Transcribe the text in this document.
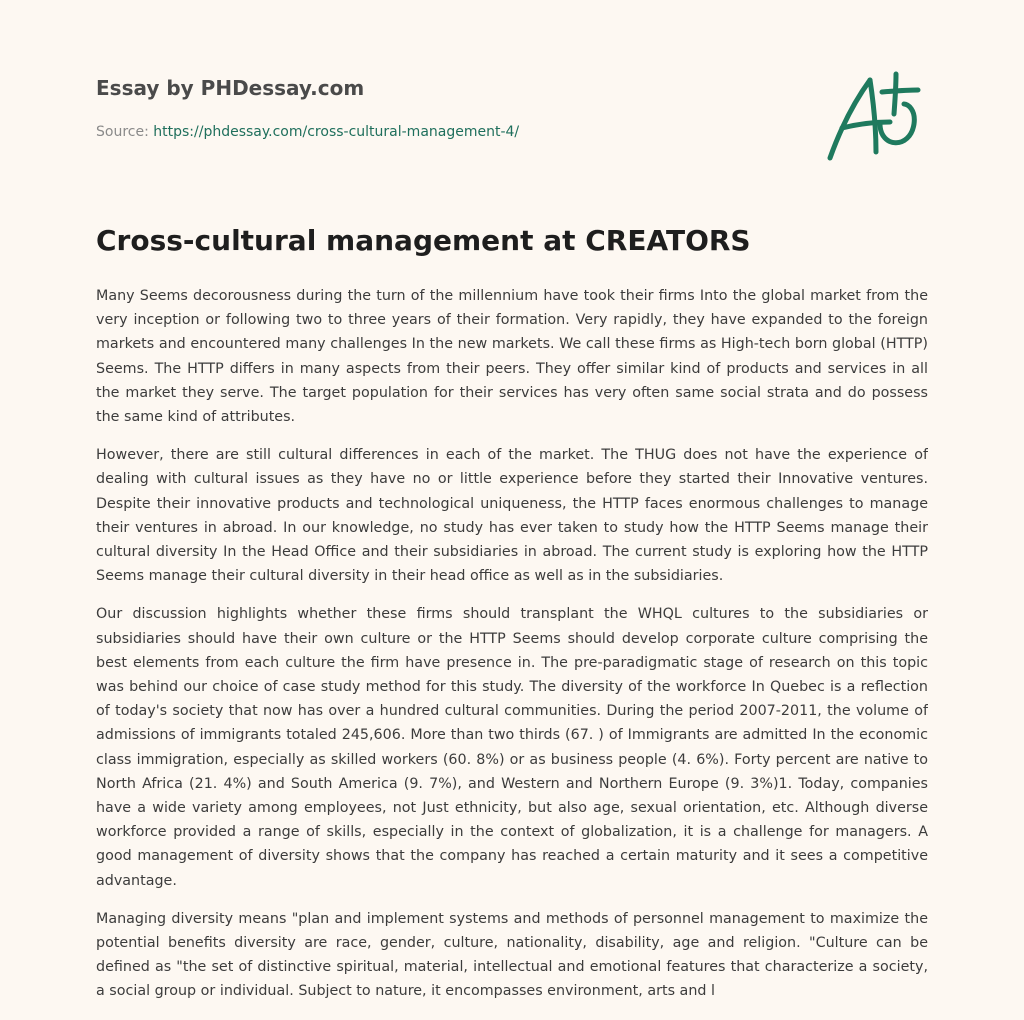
Essay by PHDessay.com
Source: https://phdessay.com/cross-cultural-management-4/
Cross-cultural management at CREATORS

Many Seems decorousness during the turn of the millennium have took their firms Into the global market from the very inception or following two to three years of their formation. Very rapidly, they have expanded to the foreign markets and encountered many challenges In the new markets. We call these firms as High-tech born global (HTTP) Seems. The HTTP differs in many aspects from their peers. They offer similar kind of products and services in all the market they serve. The target population for their services has very often same social strata and do possess the same kind of attributes.

However, there are still cultural differences in each of the market. The THUG does not have the experience of dealing with cultural issues as they have no or little experience before they started their Innovative ventures. Despite their innovative products and technological uniqueness, the HTTP faces enormous challenges to manage their ventures in abroad. In our knowledge, no study has ever taken to study how the HTTP Seems manage their cultural diversity In the Head Office and their subsidiaries in abroad. The current study is exploring how the HTTP Seems manage their cultural diversity in their head office as well as in the subsidiaries.

Our discussion highlights whether these firms should transplant the WHQL cultures to the subsidiaries or subsidiaries should have their own culture or the HTTP Seems should develop corporate culture comprising the best elements from each culture the firm have presence in. The pre-paradigmatic stage of research on this topic was behind our choice of case study method for this study. The diversity of the workforce In Quebec is a reflection of today's society that now has over a hundred cultural communities. During the period 2007-2011, the volume of admissions of immigrants totaled 245,606. More than two thirds (67. ) of Immigrants are admitted In the economic class immigration, especially as skilled workers (60. 8%) or as business people (4. 6%). Forty percent are native to North Africa (21. 4%) and South America (9. 7%), and Western and Northern Europe (9. 3%)1. Today, companies have a wide variety among employees, not Just ethnicity, but also age, sexual orientation, etc. Although diverse workforce provided a range of skills, especially in the context of globalization, it is a challenge for managers. A good management of diversity shows that the company has reached a certain maturity and it sees a competitive advantage.

Managing diversity means "plan and implement systems and methods of personnel management to maximize the potential benefits diversity are race, gender, culture, nationality, disability, age and religion. "Culture can be defined as "the set of distinctive spiritual, material, intellectual and emotional features that characterize a society, a social group or individual. Subject to nature, it encompasses environment, arts and l
